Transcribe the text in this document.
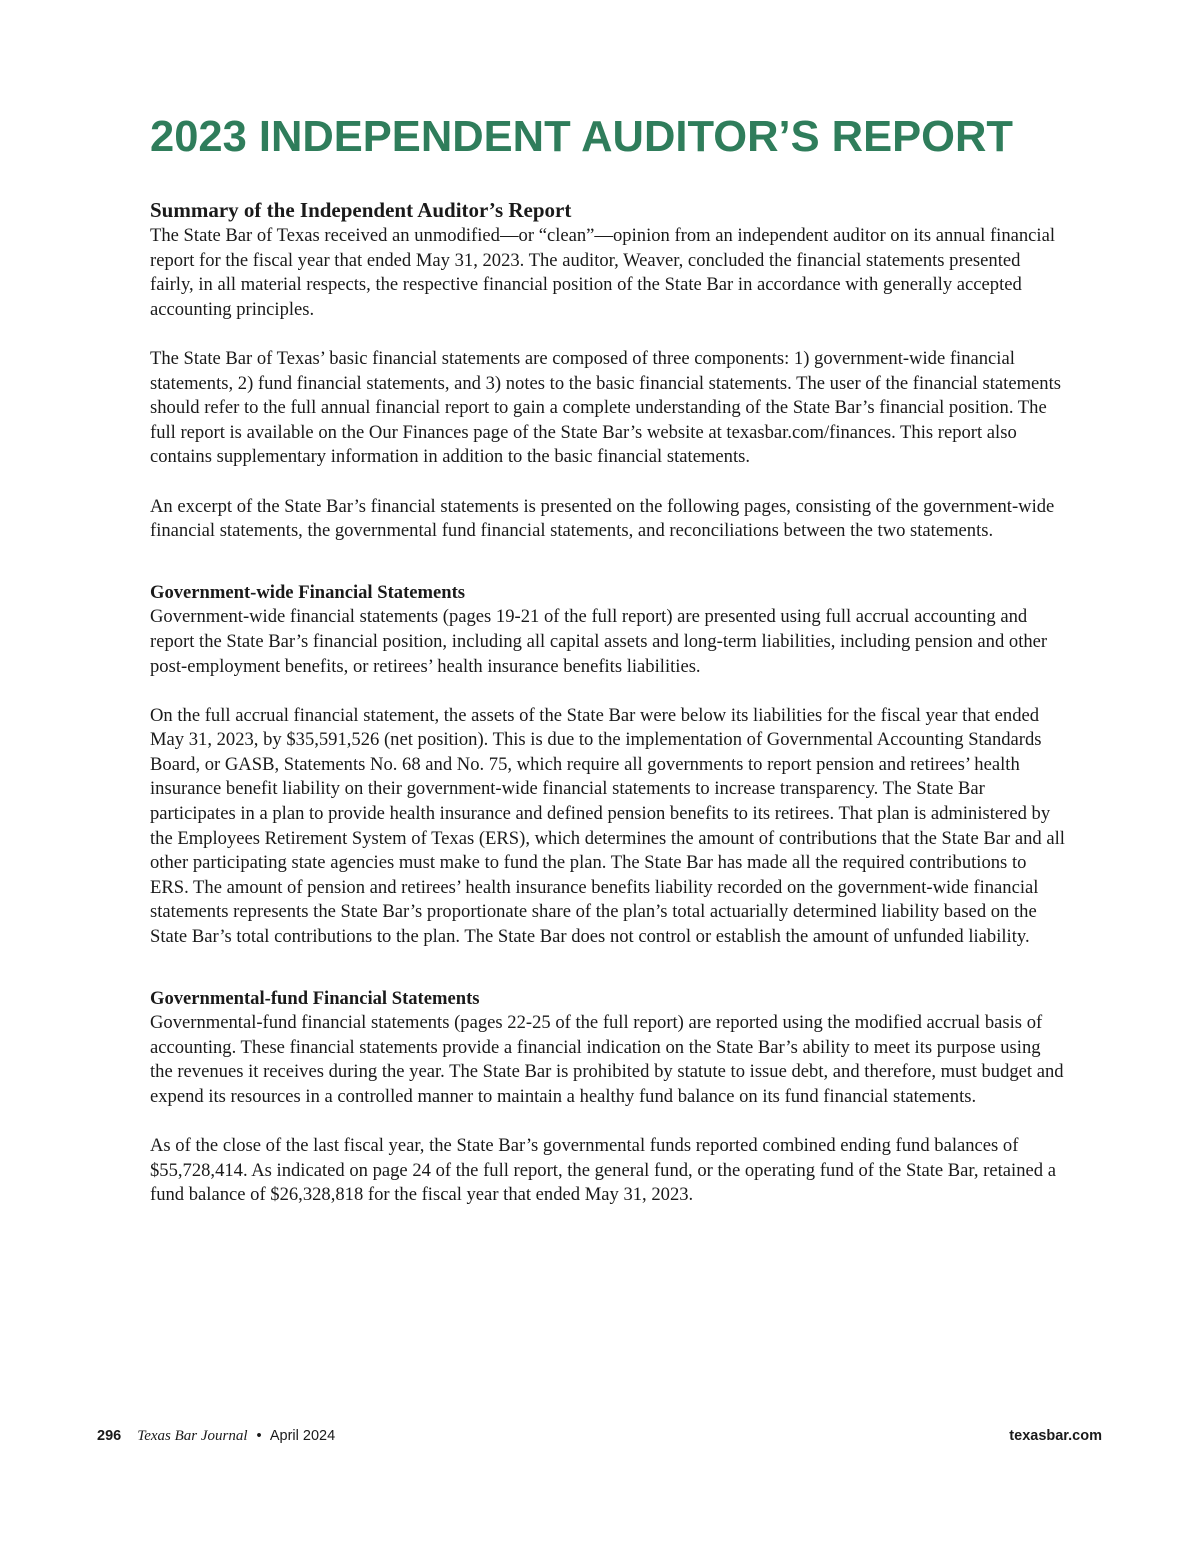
2023 INDEPENDENT AUDITOR’S REPORT
Summary of the Independent Auditor’s Report

The State Bar of Texas received an unmodified—or “clean”—opinion from an independent auditor on its annual financial report for the fiscal year that ended May 31, 2023. The auditor, Weaver, concluded the financial statements presented fairly, in all material respects, the respective financial position of the State Bar in accordance with generally accepted accounting principles.

The State Bar of Texas’ basic financial statements are composed of three components: 1) government-wide financial statements, 2) fund financial statements, and 3) notes to the basic financial statements. The user of the financial statements should refer to the full annual financial report to gain a complete understanding of the State Bar’s financial position. The full report is available on the Our Finances page of the State Bar’s website at texasbar.com/finances. This report also contains supplementary information in addition to the basic financial statements.

An excerpt of the State Bar’s financial statements is presented on the following pages, consisting of the government-wide financial statements, the governmental fund financial statements, and reconciliations between the two statements.

Government-wide Financial Statements

Government-wide financial statements (pages 19-21 of the full report) are presented using full accrual accounting and report the State Bar’s financial position, including all capital assets and long-term liabilities, including pension and other post-employment benefits, or retirees’ health insurance benefits liabilities.

On the full accrual financial statement, the assets of the State Bar were below its liabilities for the fiscal year that ended May 31, 2023, by $35,591,526 (net position). This is due to the implementation of Governmental Accounting Standards Board, or GASB, Statements No. 68 and No. 75, which require all governments to report pension and retirees’ health insurance benefit liability on their government-wide financial statements to increase transparency. The State Bar participates in a plan to provide health insurance and defined pension benefits to its retirees. That plan is administered by the Employees Retirement System of Texas (ERS), which determines the amount of contributions that the State Bar and all other participating state agencies must make to fund the plan. The State Bar has made all the required contributions to ERS. The amount of pension and retirees’ health insurance benefits liability recorded on the government-wide financial statements represents the State Bar’s proportionate share of the plan’s total actuarially determined liability based on the State Bar’s total contributions to the plan. The State Bar does not control or establish the amount of unfunded liability.

Governmental-fund Financial Statements

Governmental-fund financial statements (pages 22-25 of the full report) are reported using the modified accrual basis of accounting. These financial statements provide a financial indication on the State Bar’s ability to meet its purpose using the revenues it receives during the year. The State Bar is prohibited by statute to issue debt, and therefore, must budget and expend its resources in a controlled manner to maintain a healthy fund balance on its fund financial statements.

As of the close of the last fiscal year, the State Bar’s governmental funds reported combined ending fund balances of $55,728,414. As indicated on page 24 of the full report, the general fund, or the operating fund of the State Bar, retained a fund balance of $26,328,818 for the fiscal year that ended May 31, 2023.

296 Texas Bar Journal • April 2024	texasbar.com
